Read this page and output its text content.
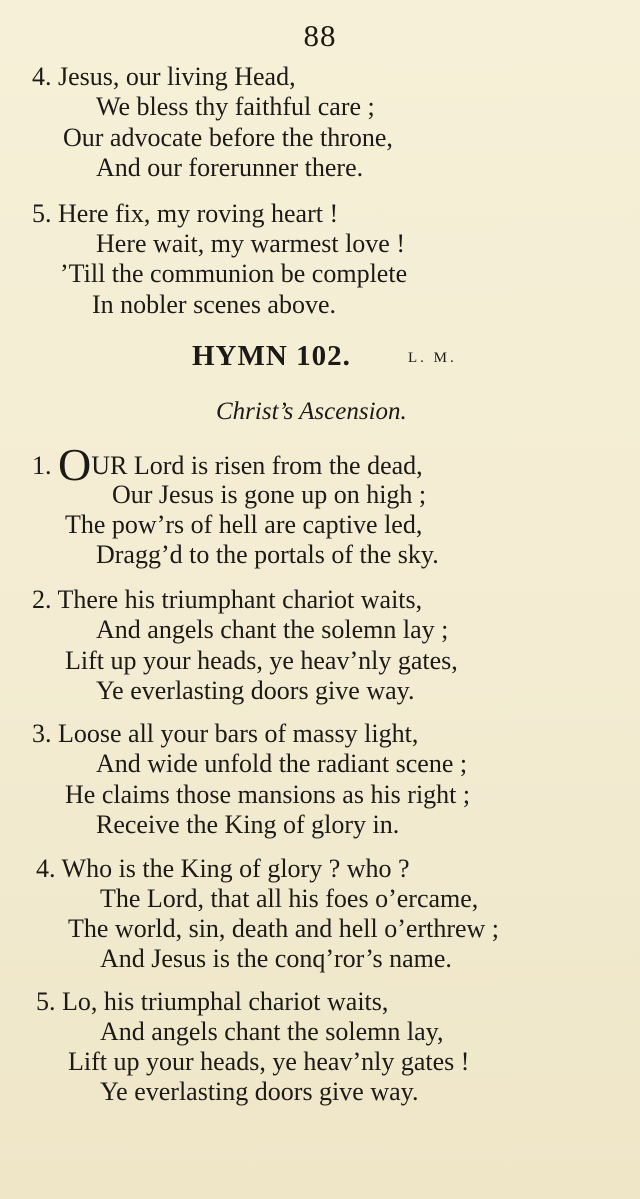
88
4. Jesus, our living Head,
We bless thy faithful care ;
Our advocate before the throne,
And our forerunner there.
5. Here fix, my roving heart !
Here wait, my warmest love !
’Till the communion be complete
In nobler scenes above.
HYMN 102.	L. M.
Christ’s Ascension.
1. OUR Lord is risen from the dead,
Our Jesus is gone up on high ;
The pow’rs of hell are captive led,
Dragg’d to the portals of the sky.
2. There his triumphant chariot waits,
And angels chant the solemn lay ;
Lift up your heads, ye heav’nly gates,
Ye everlasting doors give way.
3. Loose all your bars of massy light,
And wide unfold the radiant scene ;
He claims those mansions as his right ;
Receive the King of glory in.
4. Who is the King of glory ? who ?
The Lord, that all his foes o’ercame,
The world, sin, death and hell o’erthrew ;
And Jesus is the conq’ror’s name.
5. Lo, his triumphal chariot waits,
And angels chant the solemn lay,
Lift up your heads, ye heav’nly gates !
Ye everlasting doors give way.
